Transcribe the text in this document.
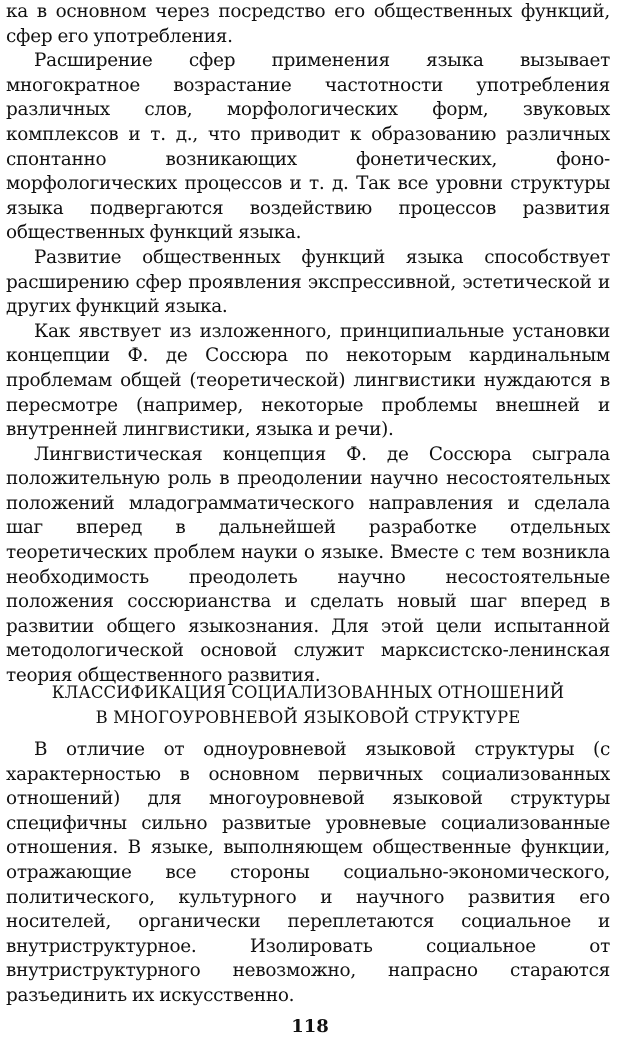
ка в основном через посредство его общественных функций, сфер его употребления.

Расширение сфер применения языка вызывает многократное возрастание частотности употребления различных слов, морфологических форм, звуковых комплексов и т. д., что приводит к образованию различных спонтанно возникающих фонетических, фоно-морфологических процессов и т. д. Так все уровни структуры языка подвергаются воздействию процессов развития общественных функций языка.

Развитие общественных функций языка способствует расширению сфер проявления экспрессивной, эстетической и других функций языка.

Как явствует из изложенного, принципиальные установки концепции Ф. де Соссюра по некоторым кардинальным проблемам общей (теоретической) лингвистики нуждаются в пересмотре (например, некоторые проблемы внешней и внутренней лингвистики, языка и речи).

Лингвистическая концепция Ф. де Соссюра сыграла положительную роль в преодолении научно несостоятельных положений младограмматического направления и сделала шаг вперед в дальнейшей разработке отдельных теоретических проблем науки о языке. Вместе с тем возникла необходимость преодолеть научно несостоятельные положения соссюрианства и сделать новый шаг вперед в развитии общего языкознания. Для этой цели испытанной методологической основой служит марксистско-ленинская теория общественного развития.

КЛАССИФИКАЦИЯ СОЦИАЛИЗОВАННЫХ ОТНОШЕНИЙ
В МНОГОУРОВНЕВОЙ ЯЗЫКОВОЙ СТРУКТУРЕ

В отличие от одноуровневой языковой структуры (с характерностью в основном первичных социализованных отношений) для многоуровневой языковой структуры специфичны сильно развитые уровневые социализованные отношения. В языке, выполняющем общественные функции, отражающие все стороны социально-экономического, политического, культурного и научного развития его носителей, органически переплетаются социальное и внутриструктурное. Изолировать социальное от внутриструктурного невозможно, напрасно стараются разъединить их искусственно.

118
